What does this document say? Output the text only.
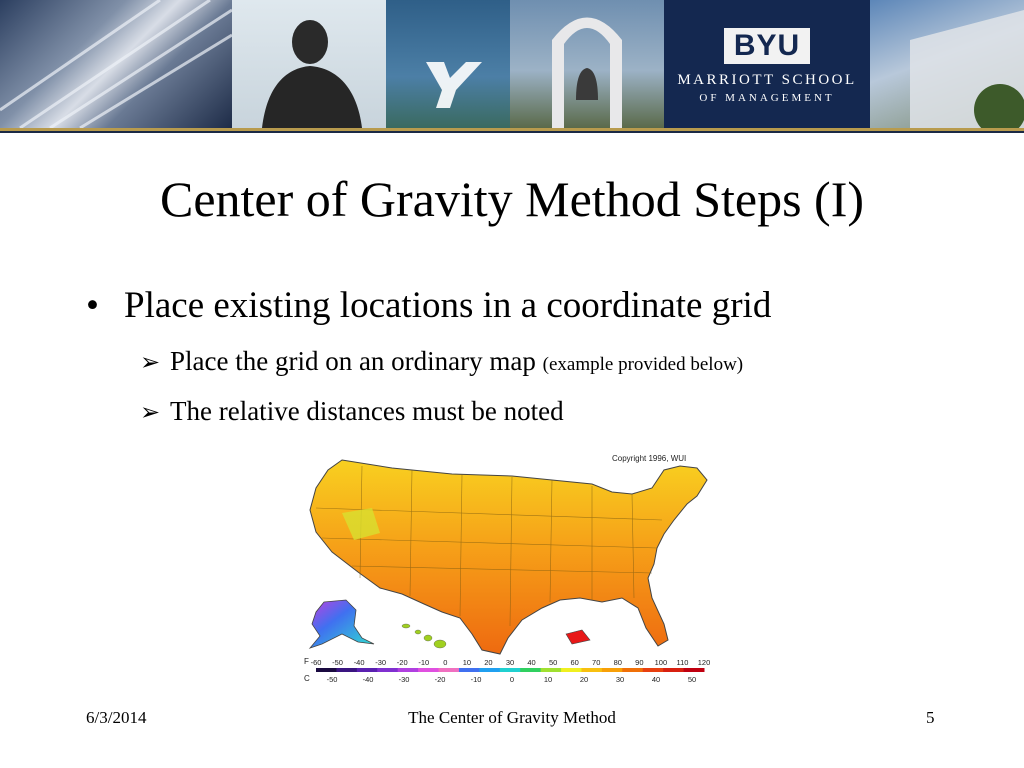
BYU
MARRIOTT SCHOOL
OF MANAGEMENT
Center of Gravity Method Steps (I)
• Place existing locations in a coordinate grid
➢ Place the grid on an ordinary map (example provided below)
➢ The relative distances must be noted
Copyright 1996, WUI
F
C
-60 -50 -40 -30 -20 -10 0 10 20 30 40 50 60 70 80 90 100 110 120
-50	-40	-30	-20	-10	0	10	20	30	40	50
6/3/2014	The Center of Gravity Method	5
